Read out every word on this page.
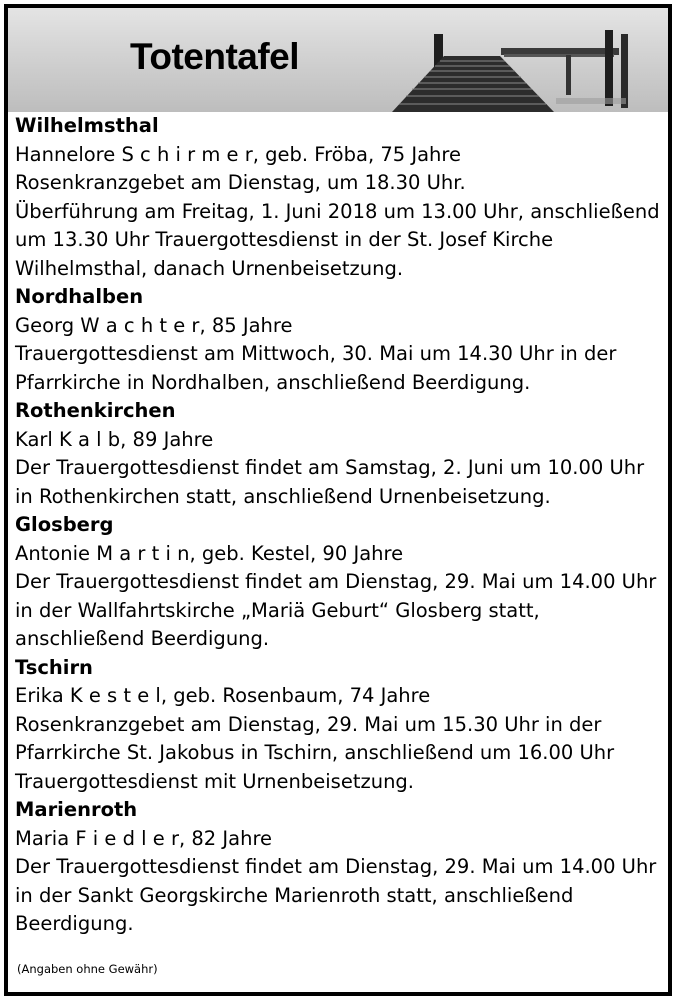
Totentafel
Wilhelmsthal
Hannelore S c h i r m e r, geb. Fröba, 75 Jahre
Rosenkranzgebet am Dienstag, um 18.30 Uhr.
Überführung am Freitag, 1. Juni 2018 um 13.00 Uhr, anschließend
um 13.30 Uhr Trauergottesdienst in der St. Josef Kirche
Wilhelmsthal, danach Urnenbeisetzung.
Nordhalben
Georg W a c h t e r, 85 Jahre
Trauergottesdienst am Mittwoch, 30. Mai um 14.30 Uhr in der
Pfarrkirche in Nordhalben, anschließend Beerdigung.
Rothenkirchen
Karl K a l b, 89 Jahre
Der Trauergottesdienst findet am Samstag, 2. Juni um 10.00 Uhr
in Rothenkirchen statt, anschließend Urnenbeisetzung.
Glosberg
Antonie M a r t i n, geb. Kestel, 90 Jahre
Der Trauergottesdienst findet am Dienstag, 29. Mai um 14.00 Uhr
in der Wallfahrtskirche „Mariä Geburt“ Glosberg statt,
anschließend Beerdigung.
Tschirn
Erika K e s t e l, geb. Rosenbaum, 74 Jahre
Rosenkranzgebet am Dienstag, 29. Mai um 15.30 Uhr in der
Pfarrkirche St. Jakobus in Tschirn, anschließend um 16.00 Uhr
Trauergottesdienst mit Urnenbeisetzung.
Marienroth
Maria F i e d l e r, 82 Jahre
Der Trauergottesdienst findet am Dienstag, 29. Mai um 14.00 Uhr
in der Sankt Georgskirche Marienroth statt, anschließend
Beerdigung.
(Angaben ohne Gewähr)
